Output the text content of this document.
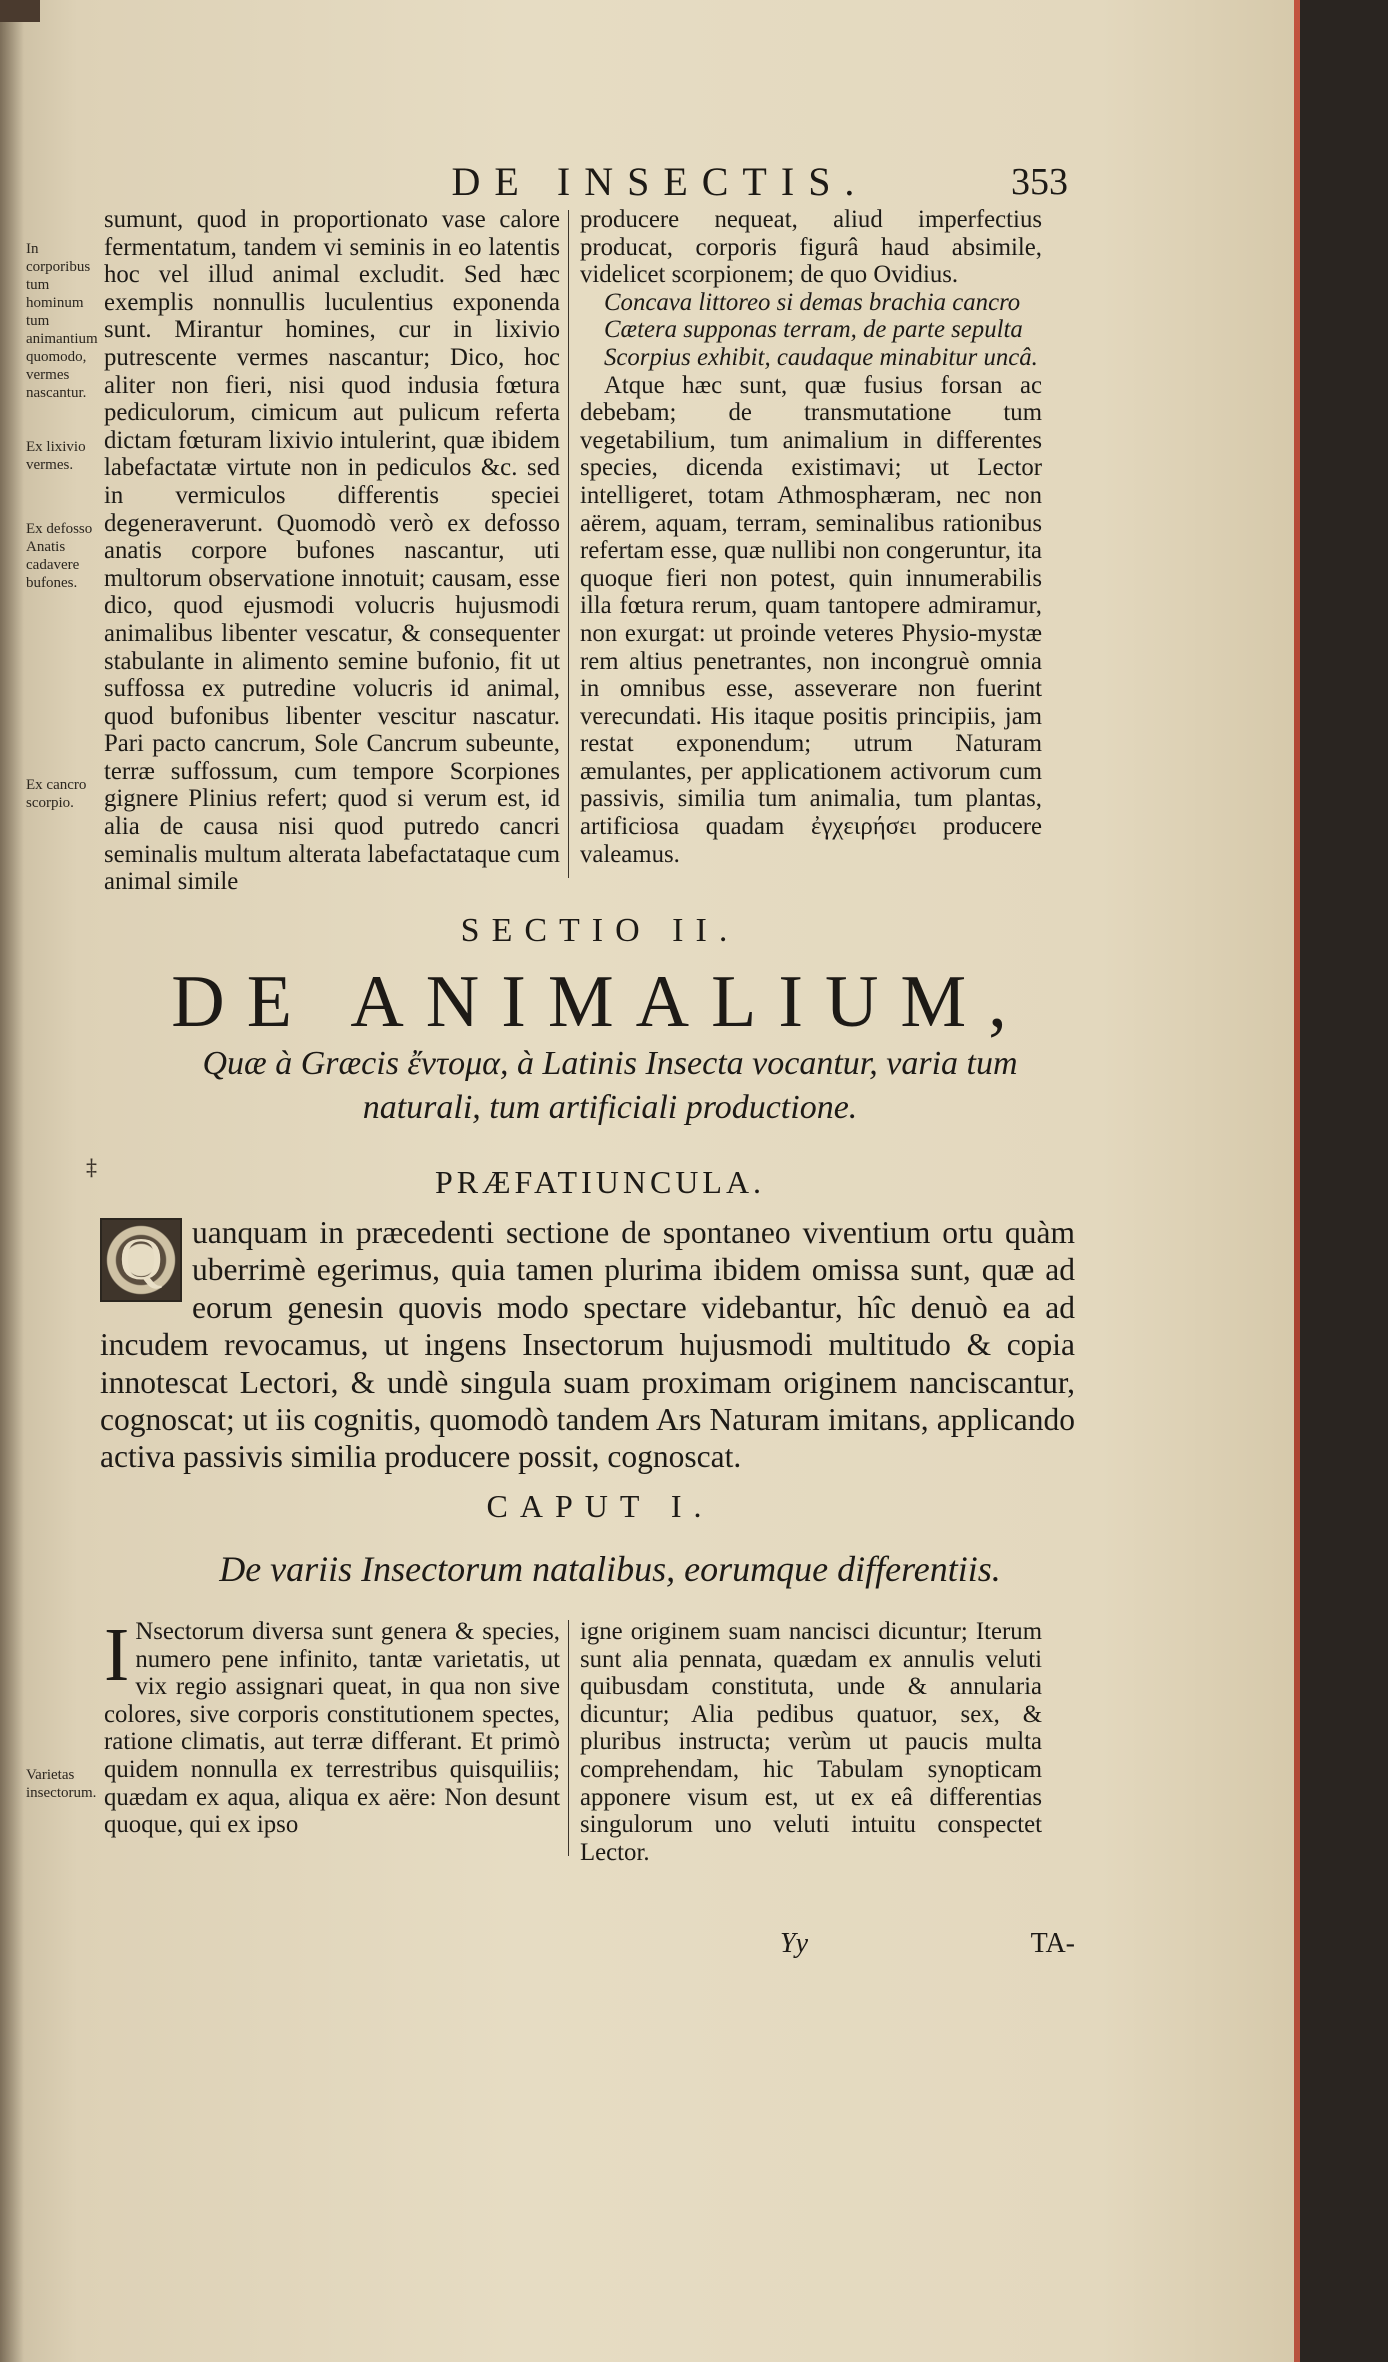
DE INSECTIS.	353
In corporibus tum hominum tum animantium quomodo, vermes nascantur.
Ex lixivio vermes.
Ex defosso Anatis cadavere bufones.
Ex cancro scorpio.
Varietas insectorum.

sumunt, quod in proportionato vase calore fermentatum, tandem vi seminis in eo latentis hoc vel illud animal excludit. Sed hæc exemplis nonnullis luculentius exponenda sunt. Mirantur homines, cur in lixivio putrescente vermes nascantur; Dico, hoc aliter non fieri, nisi quod indusia fœtura pediculorum, cimicum aut pulicum referta dictam fœturam lixivio intulerint, quæ ibidem labefactatæ virtute non in pediculos &c. sed in vermiculos differentis speciei degeneraverunt. Quomodò verò ex defosso anatis corpore bufones nascantur, uti multorum observatione innotuit; causam, esse dico, quod ejusmodi volucris hujusmodi animalibus libenter vescatur, & consequenter stabulante in alimento semine bufonio, fit ut suffossa ex putredine volucris id animal, quod bufonibus libenter vescitur nascatur. Pari pacto cancrum, Sole Cancrum subeunte, terræ suffossum, cum tempore Scorpiones gignere Plinius refert; quod si verum est, id alia de causa nisi quod putredo cancri seminalis multum alterata labefactataque cum animal simile

producere nequeat, aliud imperfectius producat, corporis figurâ haud absimile, videlicet scorpionem; de quo Ovidius.

Concava littoreo si demas brachia cancro

Cætera supponas terram, de parte sepulta

Scorpius exhibit, caudaque minabitur uncâ.

Atque hæc sunt, quæ fusius forsan ac debebam; de transmutatione tum vegetabilium, tum animalium in differentes species, dicenda existimavi; ut Lector intelligeret, totam Athmosphæram, nec non aërem, aquam, terram, seminalibus rationibus refertam esse, quæ nullibi non congeruntur, ita quoque fieri non potest, quin innumerabilis illa fœtura rerum, quam tantopere admiramur, non exurgat: ut proinde veteres Physio-mystæ rem altius penetrantes, non incongruè omnia in omnibus esse, asseverare non fuerint verecundati. His itaque positis principiis, jam restat exponendum; utrum Naturam æmulantes, per applicationem activorum cum passivis, similia tum animalia, tum plantas, artificiosa quadam ἐγχειρήσει producere valeamus.

SECTIO II.
DE ANIMALIUM,
Quæ à Græcis ἔντομα, à Latinis Insecta vocantur, varia tum naturali, tum artificiali productione.
‡	PRÆFATIUNCULA.
Q uanquam in præcedenti sectione de spontaneo viventium ortu quàm uberrimè egerimus, quia tamen plurima ibidem omissa sunt, quæ ad eorum genesin quovis modo spectare videbantur, hîc denuò ea ad incudem revocamus, ut ingens Insectorum hujusmodi multitudo & copia innotescat Lectori, & undè singula suam proximam originem nanciscantur, cognoscat; ut iis cognitis, quomodò tandem Ars Naturam imitans, applicando activa passivis similia producere possit, cognoscat.
CAPUT I.
De variis Insectorum natalibus, eorumque differentiis.
I Nsectorum diversa sunt genera & species, numero pene infinito, tantæ varietatis, ut vix regio assignari queat, in qua non sive colores, sive corporis constitutionem spectes, ratione climatis, aut terræ differant. Et primò quidem nonnulla ex terrestribus quisquiliis; quædam ex aqua, aliqua ex aëre: Non desunt quoque, qui ex ipso

igne originem suam nancisci dicuntur; Iterum sunt alia pennata, quædam ex annulis veluti quibusdam constituta, unde & annularia dicuntur; Alia pedibus quatuor, sex, & pluribus instructa; verùm ut paucis multa comprehendam, hic Tabulam synopticam apponere visum est, ut ex eâ differentias singulorum uno veluti intuitu conspectet Lector.

Yy	TA-
